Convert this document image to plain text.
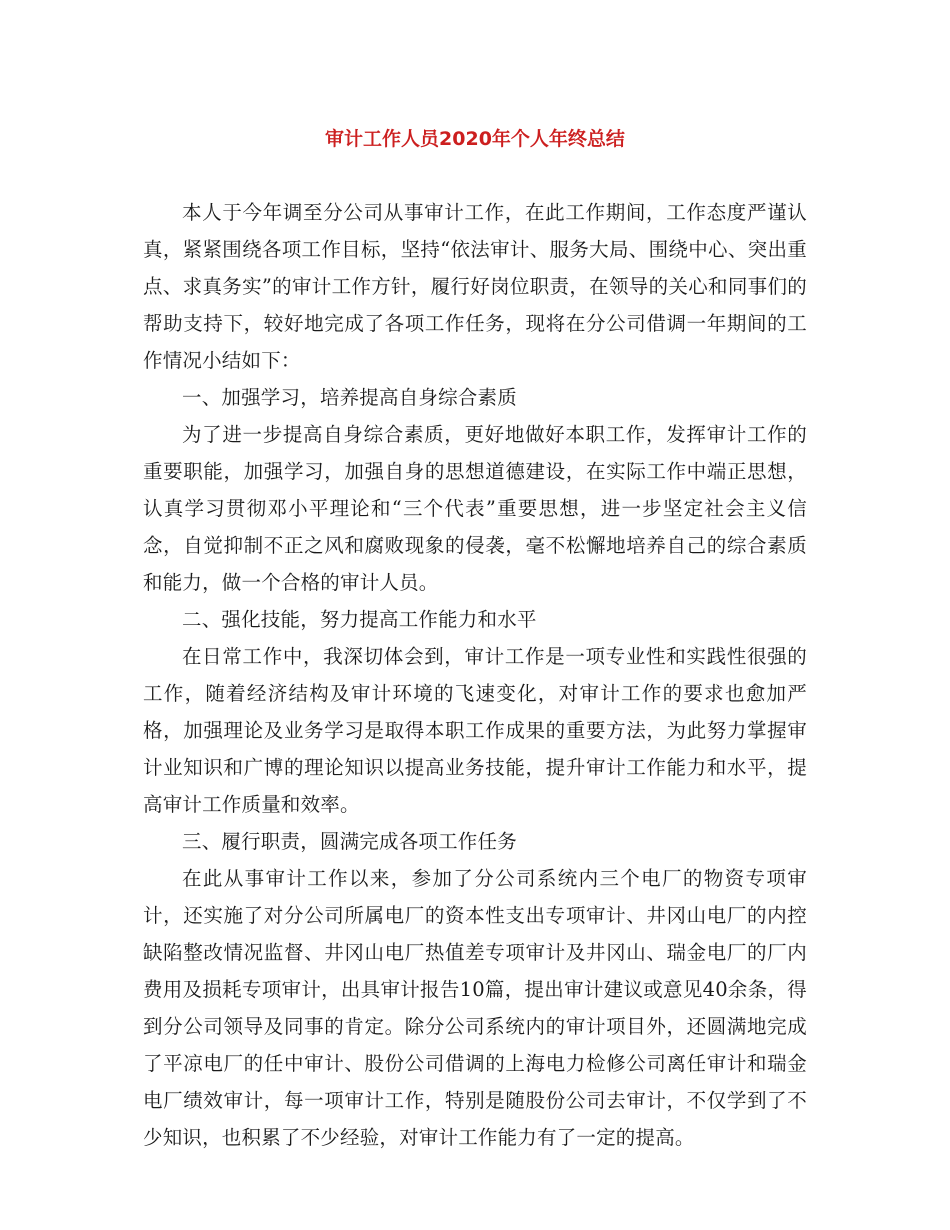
审计工作人员2020年个人年终总结

本人于今年调至分公司从事审计工作，在此工作期间，工作态度严谨认真，紧紧围绕各项工作目标，坚持“依法审计、服务大局、围绕中心、突出重点、求真务实”的审计工作方针，履行好岗位职责，在领导的关心和同事们的帮助支持下，较好地完成了各项工作任务，现将在分公司借调一年期间的工作情况小结如下：

一、加强学习，培养提高自身综合素质

为了进一步提高自身综合素质，更好地做好本职工作，发挥审计工作的重要职能，加强学习，加强自身的思想道德建设，在实际工作中端正思想，认真学习贯彻邓小平理论和“三个代表”重要思想，进一步坚定社会主义信念，自觉抑制不正之风和腐败现象的侵袭，毫不松懈地培养自己的综合素质和能力，做一个合格的审计人员。

二、强化技能，努力提高工作能力和水平

在日常工作中，我深切体会到，审计工作是一项专业性和实践性很强的工作，随着经济结构及审计环境的飞速变化，对审计工作的要求也愈加严格，加强理论及业务学习是取得本职工作成果的重要方法，为此努力掌握审计业知识和广博的理论知识以提高业务技能，提升审计工作能力和水平，提高审计工作质量和效率。

三、履行职责，圆满完成各项工作任务

在此从事审计工作以来，参加了分公司系统内三个电厂的物资专项审计，还实施了对分公司所属电厂的资本性支出专项审计、井冈山电厂的内控缺陷整改情况监督、井冈山电厂热值差专项审计及井冈山、瑞金电厂的厂内费用及损耗专项审计，出具审计报告10篇，提出审计建议或意见40余条，得到分公司领导及同事的肯定。除分公司系统内的审计项目外，还圆满地完成了平凉电厂的任中审计、股份公司借调的上海电力检修公司离任审计和瑞金电厂绩效审计，每一项审计工作，特别是随股份公司去审计，不仅学到了不少知识，也积累了不少经验，对审计工作能力有了一定的提高。
